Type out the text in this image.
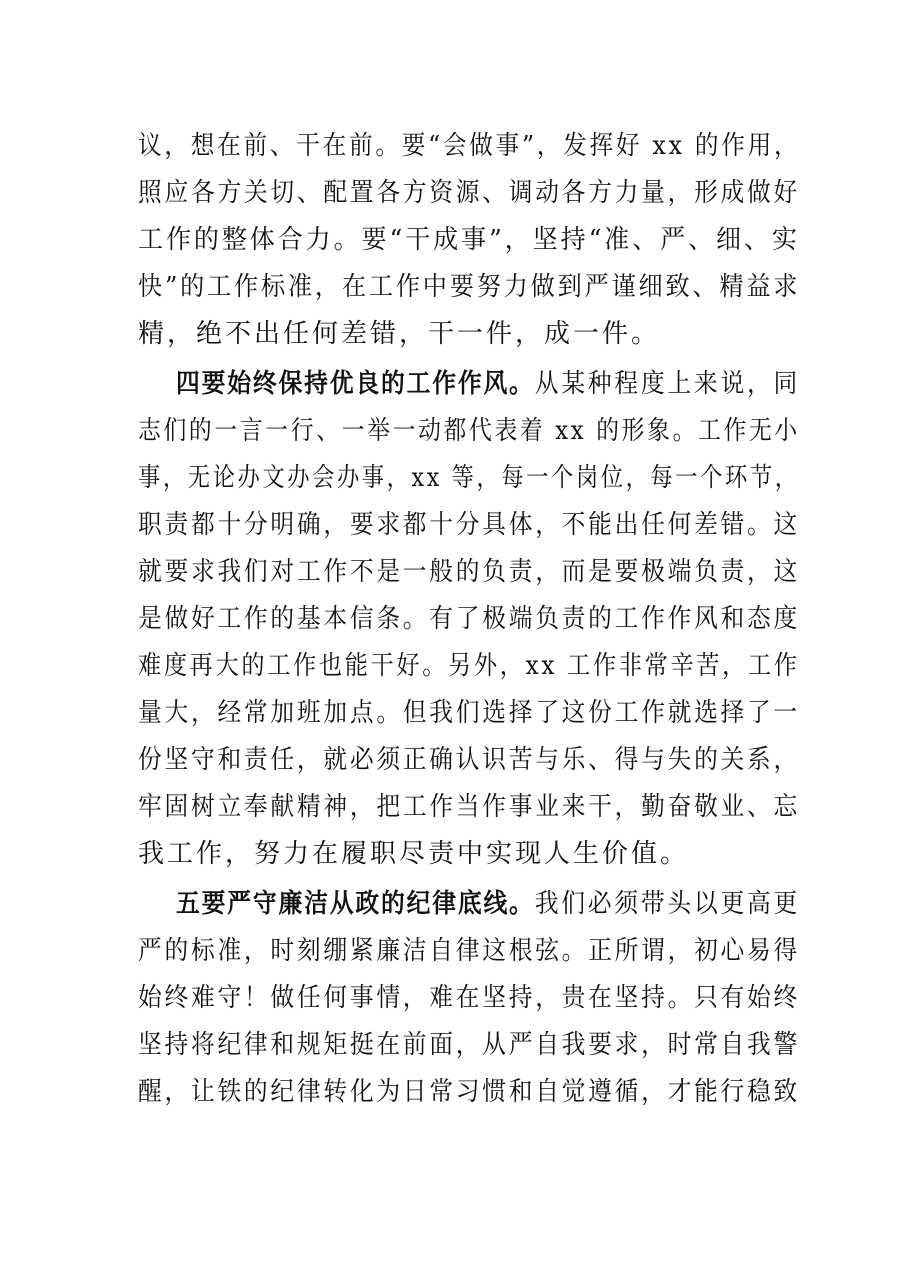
议，想在前、干在前。要“会做事”，发挥好 xx 的作用，
照应各方关切、配置各方资源、调动各方力量，形成做好
工作的整体合力。要“干成事”，坚持“准、严、细、实
快”的工作标准，在工作中要努力做到严谨细致、精益求
精，绝不出任何差错，干一件，成一件。
四要始终保持优良的工作作风。从某种程度上来说，同
志们的一言一行、一举一动都代表着 xx 的形象。工作无小
事，无论办文办会办事，xx 等，每一个岗位，每一个环节，
职责都十分明确，要求都十分具体，不能出任何差错。这
就要求我们对工作不是一般的负责，而是要极端负责，这
是做好工作的基本信条。有了极端负责的工作作风和态度
难度再大的工作也能干好。另外，xx 工作非常辛苦，工作
量大，经常加班加点。但我们选择了这份工作就选择了一
份坚守和责任，就必须正确认识苦与乐、得与失的关系，
牢固树立奉献精神，把工作当作事业来干，勤奋敬业、忘
我工作，努力在履职尽责中实现人生价值。
五要严守廉洁从政的纪律底线。我们必须带头以更高更
严的标准，时刻绷紧廉洁自律这根弦。正所谓，初心易得
始终难守！做任何事情，难在坚持，贵在坚持。只有始终
坚持将纪律和规矩挺在前面，从严自我要求，时常自我警
醒，让铁的纪律转化为日常习惯和自觉遵循，才能行稳致
